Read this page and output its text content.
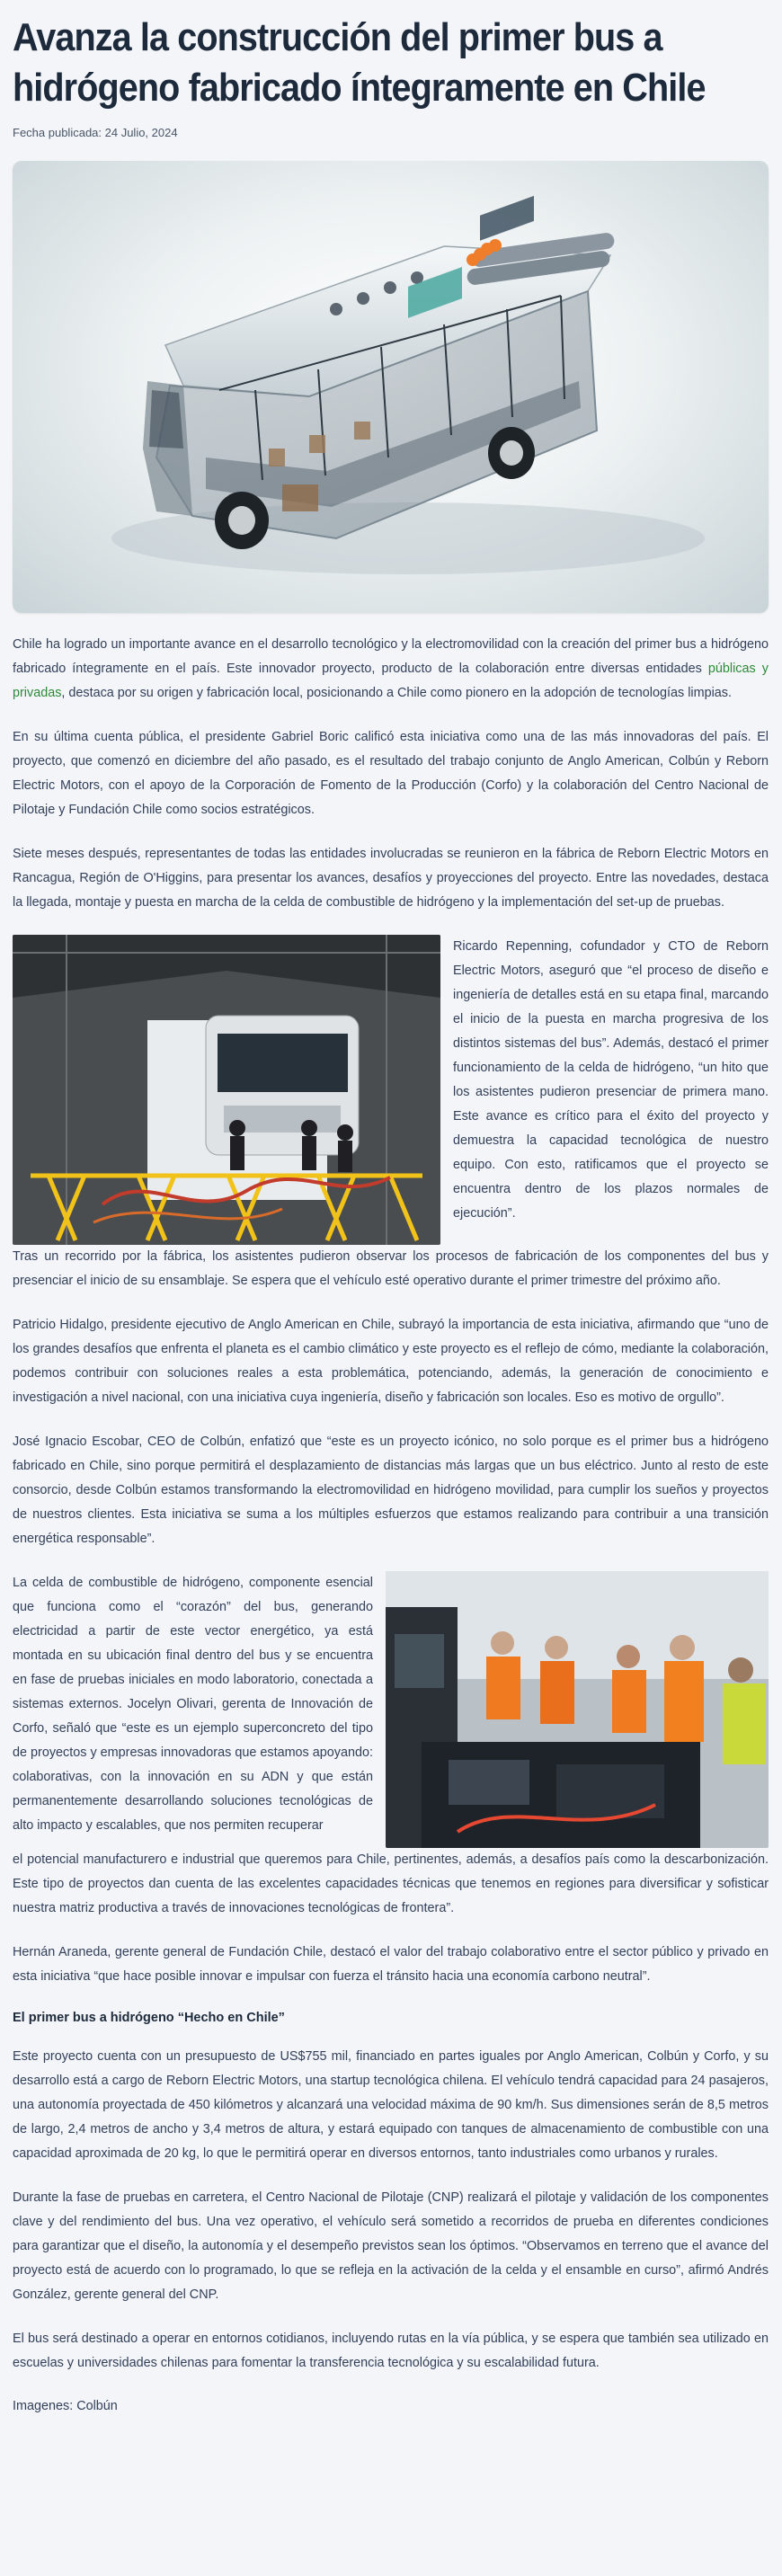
Avanza la construcción del primer bus a hidrógeno fabricado íntegramente en Chile
Fecha publicada: 24 Julio, 2024

Chile ha logrado un importante avance en el desarrollo tecnológico y la electromovilidad con la creación del primer bus a hidrógeno fabricado íntegramente en el país. Este innovador proyecto, producto de la colaboración entre diversas entidades públicas y privadas, destaca por su origen y fabricación local, posicionando a Chile como pionero en la adopción de tecnologías limpias.

En su última cuenta pública, el presidente Gabriel Boric calificó esta iniciativa como una de las más innovadoras del país. El proyecto, que comenzó en diciembre del año pasado, es el resultado del trabajo conjunto de Anglo American, Colbún y Reborn Electric Motors, con el apoyo de la Corporación de Fomento de la Producción (Corfo) y la colaboración del Centro Nacional de Pilotaje y Fundación Chile como socios estratégicos.

Siete meses después, representantes de todas las entidades involucradas se reunieron en la fábrica de Reborn Electric Motors en Rancagua, Región de O'Higgins, para presentar los avances, desafíos y proyecciones del proyecto. Entre las novedades, destaca la llegada, montaje y puesta en marcha de la celda de combustible de hidrógeno y la implementación del set-up de pruebas.

Ricardo Repenning, cofundador y CTO de Reborn Electric Motors, aseguró que “el proceso de diseño e ingeniería de detalles está en su etapa final, marcando el inicio de la puesta en marcha progresiva de los distintos sistemas del bus”. Además, destacó el primer funcionamiento de la celda de hidrógeno, “un hito que los asistentes pudieron presenciar de primera mano. Este avance es crítico para el éxito del proyecto y demuestra la capacidad tecnológica de nuestro equipo. Con esto, ratificamos que el proyecto se encuentra dentro de los plazos normales de ejecución”.

Tras un recorrido por la fábrica, los asistentes pudieron observar los procesos de fabricación de los componentes del bus y presenciar el inicio de su ensamblaje. Se espera que el vehículo esté operativo durante el primer trimestre del próximo año.

Patricio Hidalgo, presidente ejecutivo de Anglo American en Chile, subrayó la importancia de esta iniciativa, afirmando que “uno de los grandes desafíos que enfrenta el planeta es el cambio climático y este proyecto es el reflejo de cómo, mediante la colaboración, podemos contribuir con soluciones reales a esta problemática, potenciando, además, la generación de conocimiento e investigación a nivel nacional, con una iniciativa cuya ingeniería, diseño y fabricación son locales. Eso es motivo de orgullo”.

José Ignacio Escobar, CEO de Colbún, enfatizó que “este es un proyecto icónico, no solo porque es el primer bus a hidrógeno fabricado en Chile, sino porque permitirá el desplazamiento de distancias más largas que un bus eléctrico. Junto al resto de este consorcio, desde Colbún estamos transformando la electromovilidad en hidrógeno movilidad, para cumplir los sueños y proyectos de nuestros clientes. Esta iniciativa se suma a los múltiples esfuerzos que estamos realizando para contribuir a una transición energética responsable”.

La celda de combustible de hidrógeno, componente esencial que funciona como el “corazón” del bus, generando electricidad a partir de este vector energético, ya está montada en su ubicación final dentro del bus y se encuentra en fase de pruebas iniciales en modo laboratorio, conectada a sistemas externos. Jocelyn Olivari, gerenta de Innovación de Corfo, señaló que “este es un ejemplo superconcreto del tipo de proyectos y empresas innovadoras que estamos apoyando: colaborativas, con la innovación en su ADN y que están permanentemente desarrollando soluciones tecnológicas de alto impacto y escalables, que nos permiten recuperar

el potencial manufacturero e industrial que queremos para Chile, pertinentes, además, a desafíos país como la descarbonización. Este tipo de proyectos dan cuenta de las excelentes capacidades técnicas que tenemos en regiones para diversificar y sofisticar nuestra matriz productiva a través de innovaciones tecnológicas de frontera”.

Hernán Araneda, gerente general de Fundación Chile, destacó el valor del trabajo colaborativo entre el sector público y privado en esta iniciativa “que hace posible innovar e impulsar con fuerza el tránsito hacia una economía carbono neutral”.

El primer bus a hidrógeno “Hecho en Chile”

Este proyecto cuenta con un presupuesto de US$755 mil, financiado en partes iguales por Anglo American, Colbún y Corfo, y su desarrollo está a cargo de Reborn Electric Motors, una startup tecnológica chilena. El vehículo tendrá capacidad para 24 pasajeros, una autonomía proyectada de 450 kilómetros y alcanzará una velocidad máxima de 90 km/h. Sus dimensiones serán de 8,5 metros de largo, 2,4 metros de ancho y 3,4 metros de altura, y estará equipado con tanques de almacenamiento de combustible con una capacidad aproximada de 20 kg, lo que le permitirá operar en diversos entornos, tanto industriales como urbanos y rurales.

Durante la fase de pruebas en carretera, el Centro Nacional de Pilotaje (CNP) realizará el pilotaje y validación de los componentes clave y del rendimiento del bus. Una vez operativo, el vehículo será sometido a recorridos de prueba en diferentes condiciones para garantizar que el diseño, la autonomía y el desempeño previstos sean los óptimos. “Observamos en terreno que el avance del proyecto está de acuerdo con lo programado, lo que se refleja en la activación de la celda y el ensamble en curso”, afirmó Andrés González, gerente general del CNP.

El bus será destinado a operar en entornos cotidianos, incluyendo rutas en la vía pública, y se espera que también sea utilizado en escuelas y universidades chilenas para fomentar la transferencia tecnológica y su escalabilidad futura.

Imagenes: Colbún
